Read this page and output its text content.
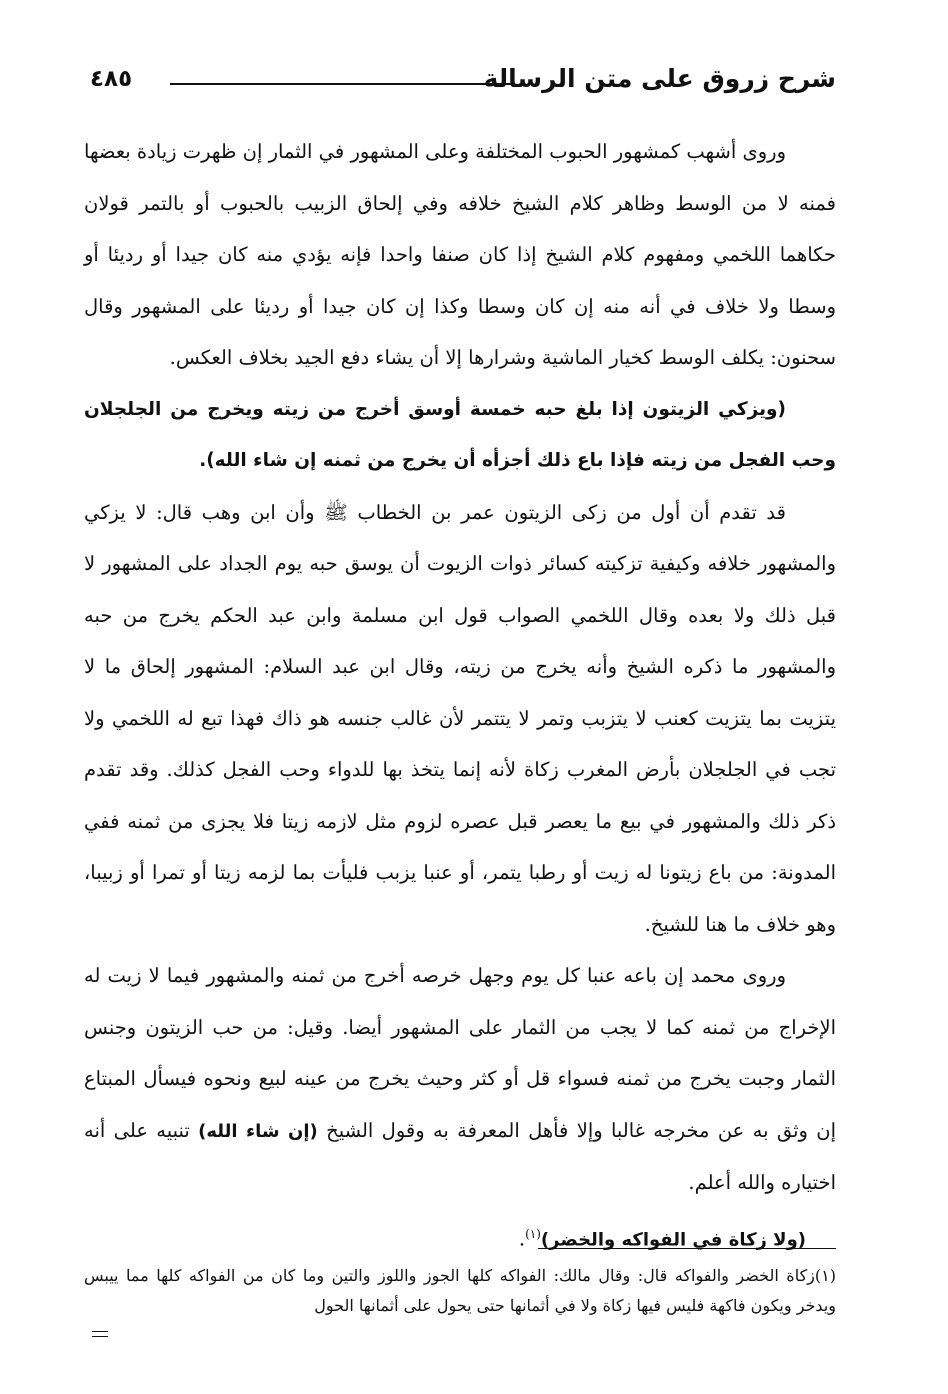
شرح زروق على متن الرسالة
٤٨٥

وروى أشهب كمشهور الحبوب المختلفة وعلى المشهور في الثمار إن ظهرت زيادة بعضها فمنه لا من الوسط وظاهر كلام الشيخ خلافه وفي إلحاق الزبيب بالحبوب أو بالتمر قولان حكاهما اللخمي ومفهوم كلام الشيخ إذا كان صنفا واحدا فإنه يؤدي منه كان جيدا أو رديئا أو وسطا ولا خلاف في أنه منه إن كان وسطا وكذا إن كان جيدا أو رديئا على المشهور وقال سحنون: يكلف الوسط كخيار الماشية وشرارها إلا أن يشاء دفع الجيد بخلاف العكس.

(ويزكي الزيتون إذا بلغ حبه خمسة أوسق أخرج من زيته ويخرج من الجلجلان وحب الفجل من زيته فإذا باع ذلك أجزأه أن يخرج من ثمنه إن شاء الله).

قد تقدم أن أول من زكى الزيتون عمر بن الخطاب ﷺ وأن ابن وهب قال: لا يزكي والمشهور خلافه وكيفية تزكيته كسائر ذوات الزيوت أن يوسق حبه يوم الجداد على المشهور لا قبل ذلك ولا بعده وقال اللخمي الصواب قول ابن مسلمة وابن عبد الحكم يخرج من حبه والمشهور ما ذكره الشيخ وأنه يخرج من زيته، وقال ابن عبد السلام: المشهور إلحاق ما لا يتزيت بما يتزيت كعنب لا يتزبب وتمر لا يتتمر لأن غالب جنسه هو ذاك فهذا تبع له اللخمي ولا تجب في الجلجلان بأرض المغرب زكاة لأنه إنما يتخذ بها للدواء وحب الفجل كذلك. وقد تقدم ذكر ذلك والمشهور في بيع ما يعصر قبل عصره لزوم مثل لازمه زيتا فلا يجزى من ثمنه ففي المدونة: من باع زيتونا له زيت أو رطبا يتمر، أو عنبا يزبب فليأت بما لزمه زيتا أو تمرا أو زبيبا، وهو خلاف ما هنا للشيخ.

وروى محمد إن باعه عنبا كل يوم وجهل خرصه أخرج من ثمنه والمشهور فيما لا زيت له الإخراج من ثمنه كما لا يجب من الثمار على المشهور أيضا. وقيل: من حب الزيتون وجنس الثمار وجبت يخرج من ثمنه فسواء قل أو كثر وحيث يخرج من عينه لبيع ونحوه فيسأل المبتاع إن وثق به عن مخرجه غالبا وإلا فأهل المعرفة به وقول الشيخ (إن شاء الله) تنبيه على أنه اختياره والله أعلم.

(ولا زكاة في الفواكه والخضر)$^{(١)}$.

(١)زكاة الخضر والفواكه قال: وقال مالك: الفواكه كلها الجوز واللوز والتين وما كان من الفواكه كلها مما ييبس ويدخر ويكون فاكهة فليس فيها زكاة ولا في أثمانها حتى يحول على أثمانها الحول
